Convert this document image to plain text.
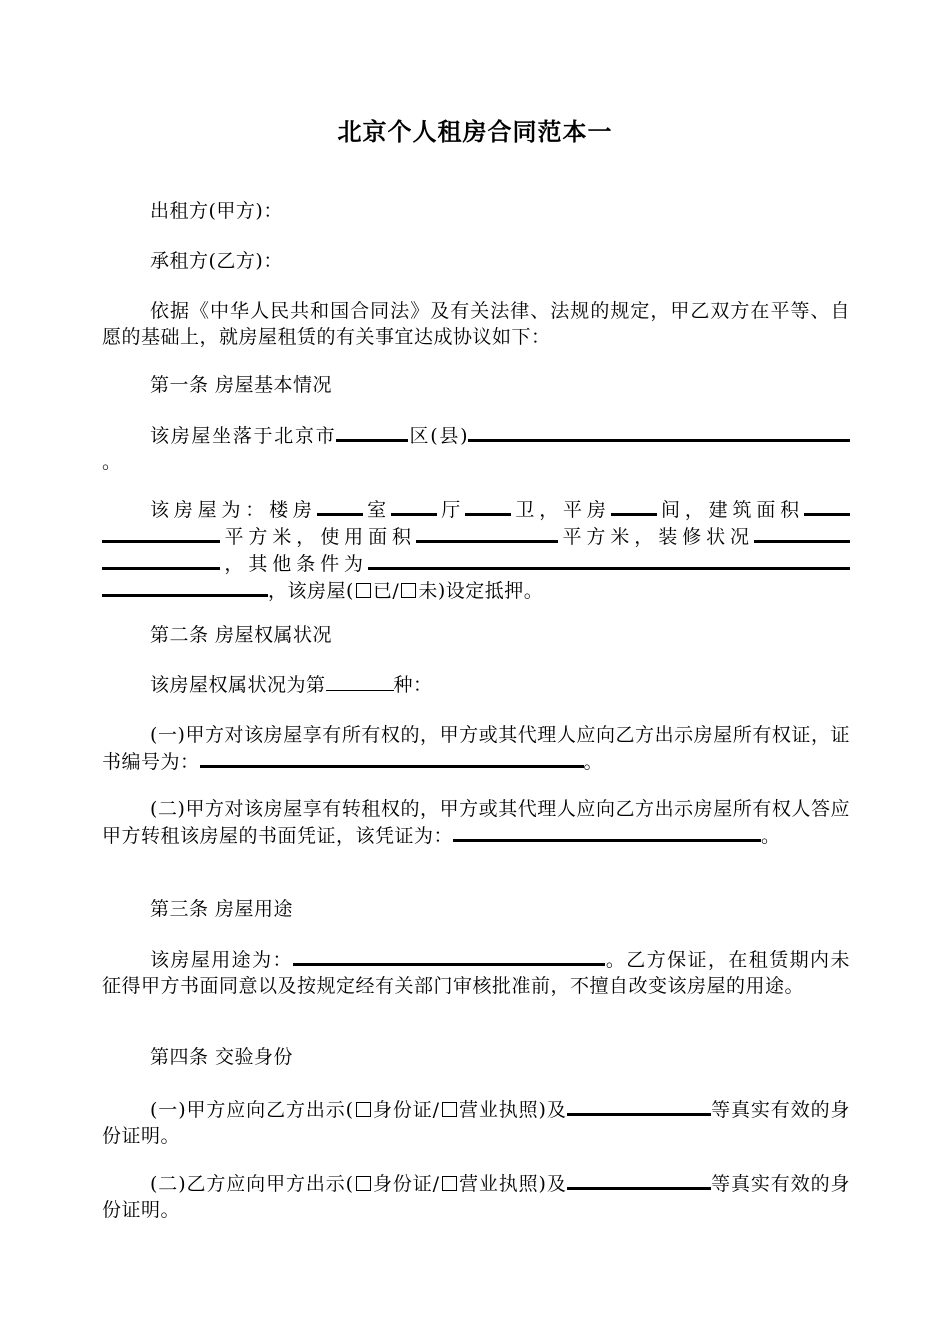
北京个人租房合同范本一

出租方(甲方)：

承租方(乙方)：

依据《中华人民共和国合同法》及有关法律、法规的规定，甲乙双方在平等、自愿的基础上，就房屋租赁的有关事宜达成协议如下：

第一条 房屋基本情况

该房屋坐落于北京市	区(县)。

该房屋为：楼房 室 厅 卫，平房 间，建筑面积平方米，使用面积	平方米，装修状况，其他条件为，该房屋( 已/ 未)设定抵押。

第二条 房屋权属状况

该房屋权属状况为第	种：

(一)甲方对该房屋享有所有权的，甲方或其代理人应向乙方出示房屋所有权证，证书编号为：	。

(二)甲方对该房屋享有转租权的，甲方或其代理人应向乙方出示房屋所有权人答应甲方转租该房屋的书面凭证，该凭证为：	。

第三条 房屋用途

该房屋用途为：	。乙方保证，在租赁期内未征得甲方书面同意以及按规定经有关部门审核批准前，不擅自改变该房屋的用途。

第四条 交验身份

(一)甲方应向乙方出示( 身份证/ 营业执照)及	等真实有效的身份证明。

(二)乙方应向甲方出示( 身份证/ 营业执照)及	等真实有效的身份证明。
